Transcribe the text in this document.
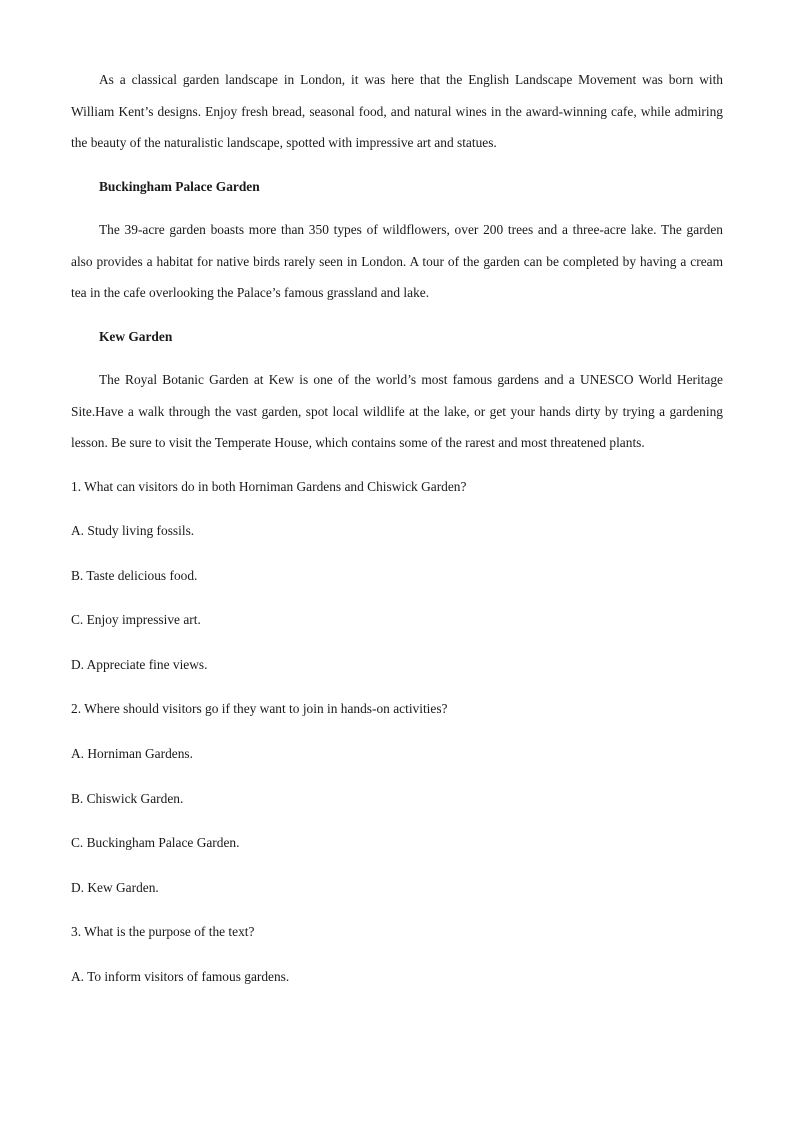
As a classical garden landscape in London, it was here that the English Landscape Movement was born with William Kent’s designs. Enjoy fresh bread, seasonal food, and natural wines in the award-winning cafe, while admiring the beauty of the naturalistic landscape, spotted with impressive art and statues.

Buckingham Palace Garden

The 39-acre garden boasts more than 350 types of wildflowers, over 200 trees and a three-acre lake. The garden also provides a habitat for native birds rarely seen in London. A tour of the garden can be completed by having a cream tea in the cafe overlooking the Palace’s famous grassland and lake.

Kew Garden

The Royal Botanic Garden at Kew is one of the world’s most famous gardens and a UNESCO World Heritage Site.Have a walk through the vast garden, spot local wildlife at the lake, or get your hands dirty by trying a gardening lesson. Be sure to visit the Temperate House, which contains some of the rarest and most threatened plants.

1. What can visitors do in both Horniman Gardens and Chiswick Garden?

A. Study living fossils.

B. Taste delicious food.

C. Enjoy impressive art.

D. Appreciate fine views.

2. Where should visitors go if they want to join in hands-on activities?

A. Horniman Gardens.

B. Chiswick Garden.

C. Buckingham Palace Garden.

D. Kew Garden.

3. What is the purpose of the text?

A. To inform visitors of famous gardens.
